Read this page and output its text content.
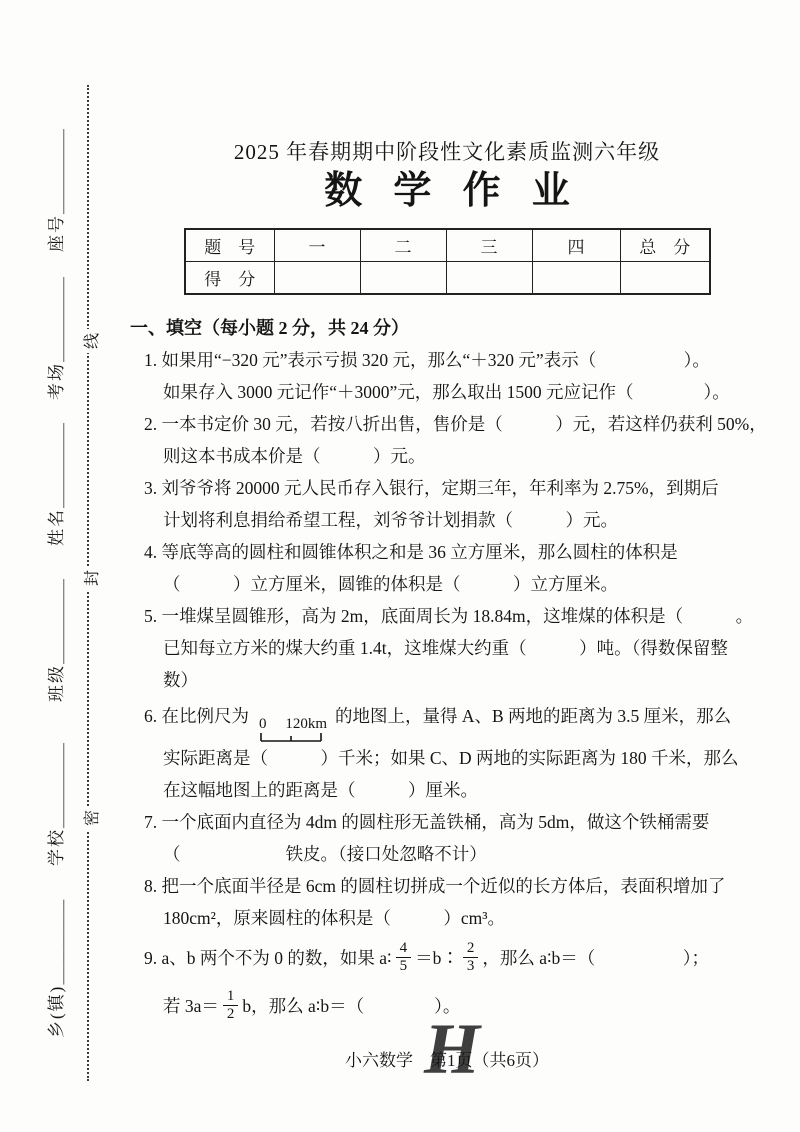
座号＿＿＿＿＿
考场＿＿＿＿＿
姓名＿＿＿＿＿
班级＿＿＿＿＿
学校＿＿＿＿＿
乡(镇)＿＿＿＿＿
线
封
密
2025 年春期期中阶段性文化素质监测六年级
数学作业
题　号	一	二	三	四	总　分
得　分					
一、填空（每小题 2 分，共 24 分）
1. 如果用“−320 元”表示亏损 320 元，那么“＋320 元”表示（　　　　　）。
如果存入 3000 元记作“＋3000”元，那么取出 1500 元应记作（　　　　）。
2. 一本书定价 30 元，若按八折出售，售价是（　　　）元，若这样仍获利 50%，
则这本书成本价是（　　　）元。
3. 刘爷爷将 20000 元人民币存入银行，定期三年，年利率为 2.75%，到期后
计划将利息捐给希望工程，刘爷爷计划捐款（　　　）元。
4. 等底等高的圆柱和圆锥体积之和是 36 立方厘米，那么圆柱的体积是
（　　　）立方厘米，圆锥的体积是（　　　）立方厘米。
5. 一堆煤呈圆锥形，高为 2m，底面周长为 18.84m，这堆煤的体积是（　　　。
已知每立方米的煤大约重 1.4t，这堆煤大约重（　　　）吨。（得数保留整
数）
6. 在比例尺为 0 120km 的地图上，量得 A、B 两地的距离为 3.5 厘米，那么
实际距离是（　　　）千米；如果 C、D 两地的实际距离为 180 千米，那么
在这幅地图上的距离是（　　　）厘米。
7. 一个底面内直径为 4dm 的圆柱形无盖铁桶，高为 5dm，做这个铁桶需要
（　　　　　　铁皮。（接口处忽略不计）
8. 把一个底面半径是 6cm 的圆柱切拼成一个近似的长方体后，表面积增加了
180cm²，原来圆柱的体积是（　　　）cm³。
9. a、b 两个不为 0 的数，如果 a∶ $\frac{4}{5}$ ＝b∶ $\frac{2}{3}$ ，那么 a∶b＝（　　　　　）；
若 $3a= \frac{1}{2}$ b，那么 a∶b＝（　　　　）。
小六数学　第1页（共6页）
H
